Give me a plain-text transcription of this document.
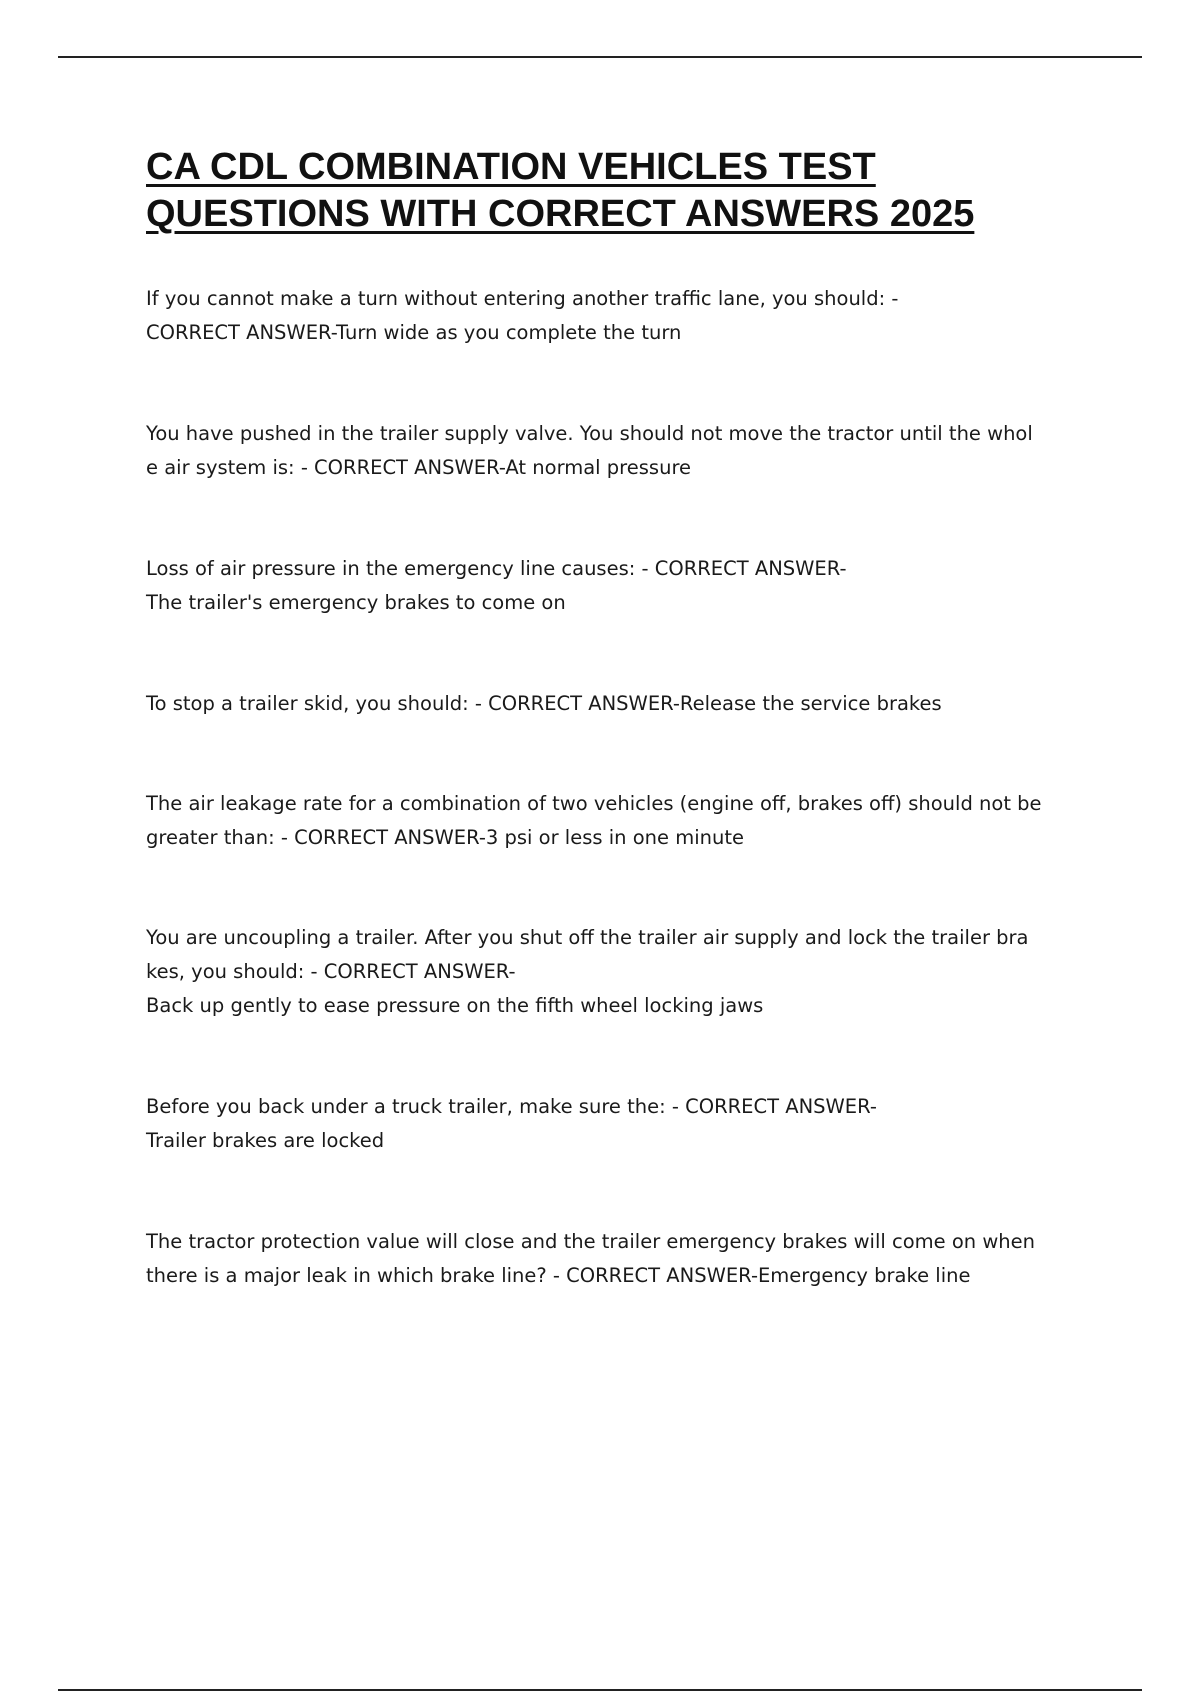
CA CDL COMBINATION VEHICLES TEST
QUESTIONS WITH CORRECT ANSWERS 2025

If you cannot make a turn without entering another traffic lane, you should: -
CORRECT ANSWER-Turn wide as you complete the turn

You have pushed in the trailer supply valve. You should not move the tractor until the whol
e air system is: - CORRECT ANSWER-At normal pressure

Loss of air pressure in the emergency line causes: - CORRECT ANSWER-
The trailer's emergency brakes to come on

To stop a trailer skid, you should: - CORRECT ANSWER-Release the service brakes

The air leakage rate for a combination of two vehicles (engine off, brakes off) should not be
greater than: - CORRECT ANSWER-3 psi or less in one minute

You are uncoupling a trailer. After you shut off the trailer air supply and lock the trailer bra
kes, you should: - CORRECT ANSWER-
Back up gently to ease pressure on the fifth wheel locking jaws

Before you back under a truck trailer, make sure the: - CORRECT ANSWER-
Trailer brakes are locked

The tractor protection value will close and the trailer emergency brakes will come on when
there is a major leak in which brake line? - CORRECT ANSWER-Emergency brake line
